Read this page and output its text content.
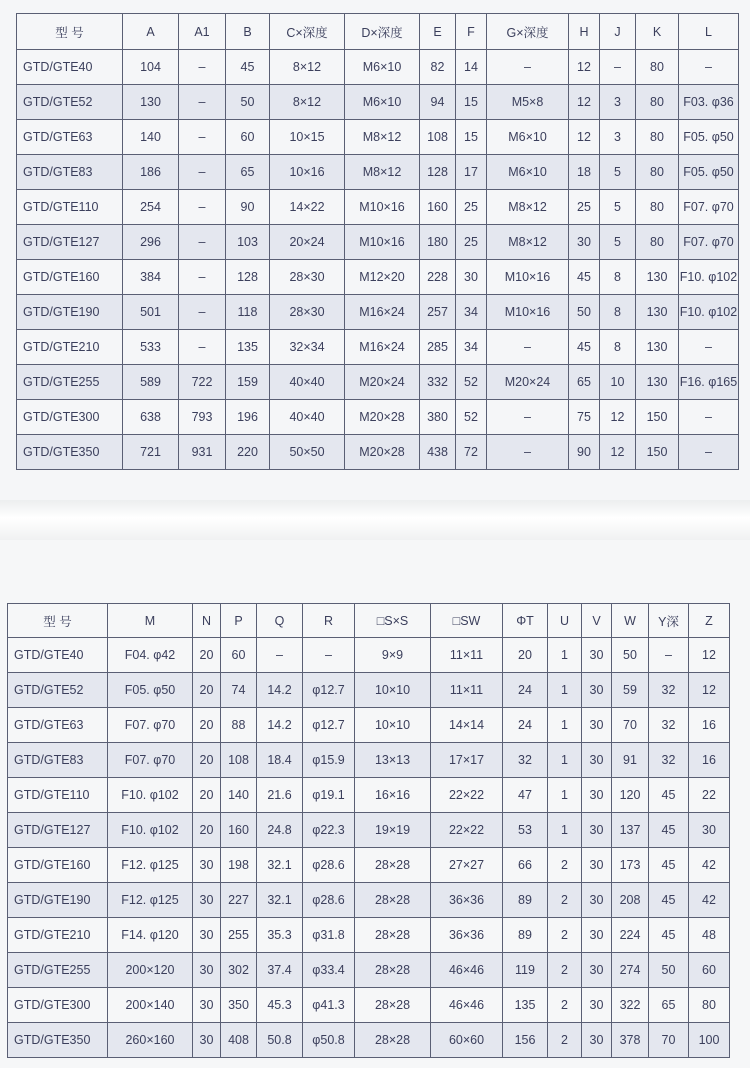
型 号	A	A1	B	C×深度	D×深度	E	F	G×深度	H	J	K	L
GTD/GTE40	104	–	45	8×12	M6×10	82	14	–	12	–	80	–
GTD/GTE52	130	–	50	8×12	M6×10	94	15	M5×8	12	3	80	F03. φ36
GTD/GTE63	140	–	60	10×15	M8×12	108	15	M6×10	12	3	80	F05. φ50
GTD/GTE83	186	–	65	10×16	M8×12	128	17	M6×10	18	5	80	F05. φ50
GTD/GTE110	254	–	90	14×22	M10×16	160	25	M8×12	25	5	80	F07. φ70
GTD/GTE127	296	–	103	20×24	M10×16	180	25	M8×12	30	5	80	F07. φ70
GTD/GTE160	384	–	128	28×30	M12×20	228	30	M10×16	45	8	130	F10. φ102
GTD/GTE190	501	–	118	28×30	M16×24	257	34	M10×16	50	8	130	F10. φ102
GTD/GTE210	533	–	135	32×34	M16×24	285	34	–	45	8	130	–
GTD/GTE255	589	722	159	40×40	M20×24	332	52	M20×24	65	10	130	F16. φ165
GTD/GTE300	638	793	196	40×40	M20×28	380	52	–	75	12	150	–
GTD/GTE350	721	931	220	50×50	M20×28	438	72	–	90	12	150	–
型 号	M	N	P	Q	R	□S×S	□SW	ΦT	U	V	W	Y深	Z
GTD/GTE40	F04. φ42	20	60	–	–	9×9	11×11	20	1	30	50	–	12
GTD/GTE52	F05. φ50	20	74	14.2	φ12.7	10×10	11×11	24	1	30	59	32	12
GTD/GTE63	F07. φ70	20	88	14.2	φ12.7	10×10	14×14	24	1	30	70	32	16
GTD/GTE83	F07. φ70	20	108	18.4	φ15.9	13×13	17×17	32	1	30	91	32	16
GTD/GTE110	F10. φ102	20	140	21.6	φ19.1	16×16	22×22	47	1	30	120	45	22
GTD/GTE127	F10. φ102	20	160	24.8	φ22.3	19×19	22×22	53	1	30	137	45	30
GTD/GTE160	F12. φ125	30	198	32.1	φ28.6	28×28	27×27	66	2	30	173	45	42
GTD/GTE190	F12. φ125	30	227	32.1	φ28.6	28×28	36×36	89	2	30	208	45	42
GTD/GTE210	F14. φ120	30	255	35.3	φ31.8	28×28	36×36	89	2	30	224	45	48
GTD/GTE255	200×120	30	302	37.4	φ33.4	28×28	46×46	119	2	30	274	50	60
GTD/GTE300	200×140	30	350	45.3	φ41.3	28×28	46×46	135	2	30	322	65	80
GTD/GTE350	260×160	30	408	50.8	φ50.8	28×28	60×60	156	2	30	378	70	100
